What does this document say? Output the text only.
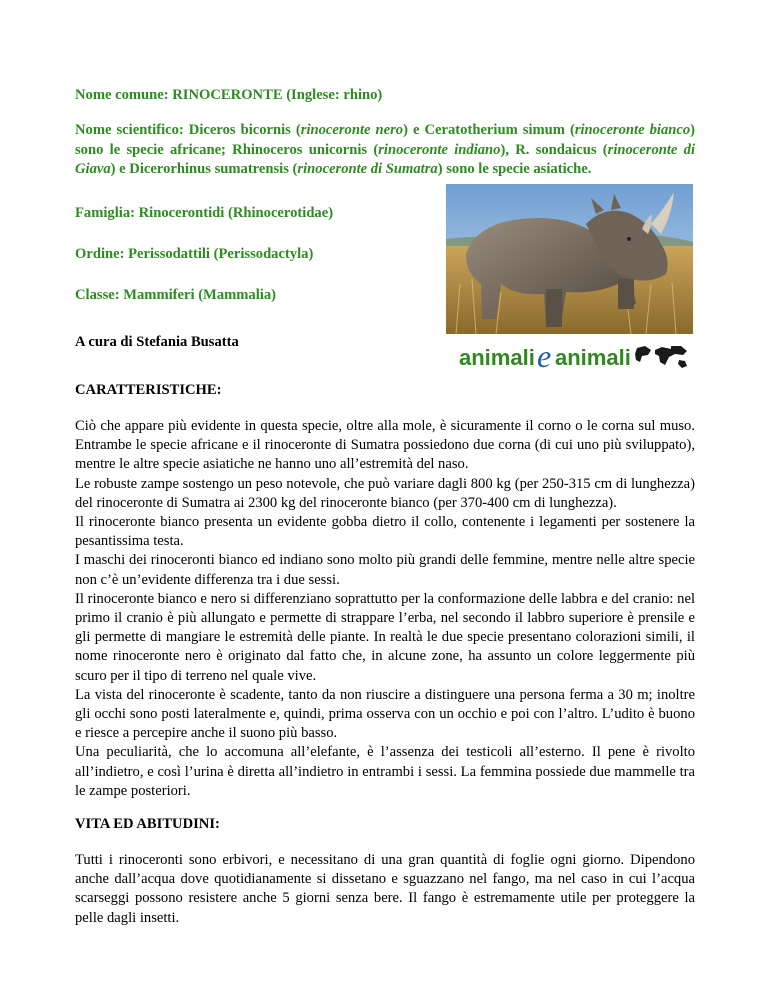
Nome comune: RINOCERONTE (Inglese: rhino)

Nome scientifico: Diceros bicornis (rinoceronte nero) e Ceratotherium simum (rinoceronte bianco) sono le specie africane; Rhinoceros unicornis (rinoceronte indiano), R. sondaicus (rinoceronte di Giava) e Dicerorhinus sumatrensis (rinoceronte di Sumatra) sono le specie asiatiche.

Famiglia: Rinocerontidi (Rhinocerotidae)

Ordine: Perissodattili (Perissodactyla)

Classe: Mammiferi (Mammalia)

A cura di Stefania Busatta

animali e animali

CARATTERISTICHE:

Ciò che appare più evidente in questa specie, oltre alla mole, è sicuramente il corno o le corna sul muso. Entrambe le specie africane e il rinoceronte di Sumatra possiedono due corna (di cui uno più sviluppato), mentre le altre specie asiatiche ne hanno uno all’estremità del naso.
Le robuste zampe sostengo un peso notevole, che può variare dagli 800 kg (per 250-315 cm di lunghezza) del rinoceronte di Sumatra ai 2300 kg del rinoceronte bianco (per 370-400 cm di lunghezza).
Il rinoceronte bianco presenta un evidente gobba dietro il collo, contenente i legamenti per sostenere la pesantissima testa.
I maschi dei rinoceronti bianco ed indiano sono molto più grandi delle femmine, mentre nelle altre specie non c’è un’evidente differenza tra i due sessi.
Il rinoceronte bianco e nero si differenziano soprattutto per la conformazione delle labbra e del cranio: nel primo il cranio è più allungato e permette di strappare l’erba, nel secondo il labbro superiore è prensile e gli permette di mangiare le estremità delle piante. In realtà le due specie presentano colorazioni simili, il nome rinoceronte nero è originato dal fatto che, in alcune zone, ha assunto un colore leggermente più scuro per il tipo di terreno nel quale vive.
La vista del rinoceronte è scadente, tanto da non riuscire a distinguere una persona ferma a 30 m; inoltre gli occhi sono posti lateralmente e, quindi, prima osserva con un occhio e poi con l’altro. L’udito è buono e riesce a percepire anche il suono più basso.
Una peculiarità, che lo accomuna all’elefante, è l’assenza dei testicoli all’esterno. Il pene è rivolto all’indietro, e così l’urina è diretta all’indietro in entrambi i sessi. La femmina possiede due mammelle tra le zampe posteriori.

VITA ED ABITUDINI:

Tutti i rinoceronti sono erbivori, e necessitano di una gran quantità di foglie ogni giorno. Dipendono anche dall’acqua dove quotidianamente si dissetano e sguazzano nel fango, ma nel caso in cui l’acqua scarseggi possono resistere anche 5 giorni senza bere. Il fango è estremamente utile per proteggere la pelle dagli insetti.
